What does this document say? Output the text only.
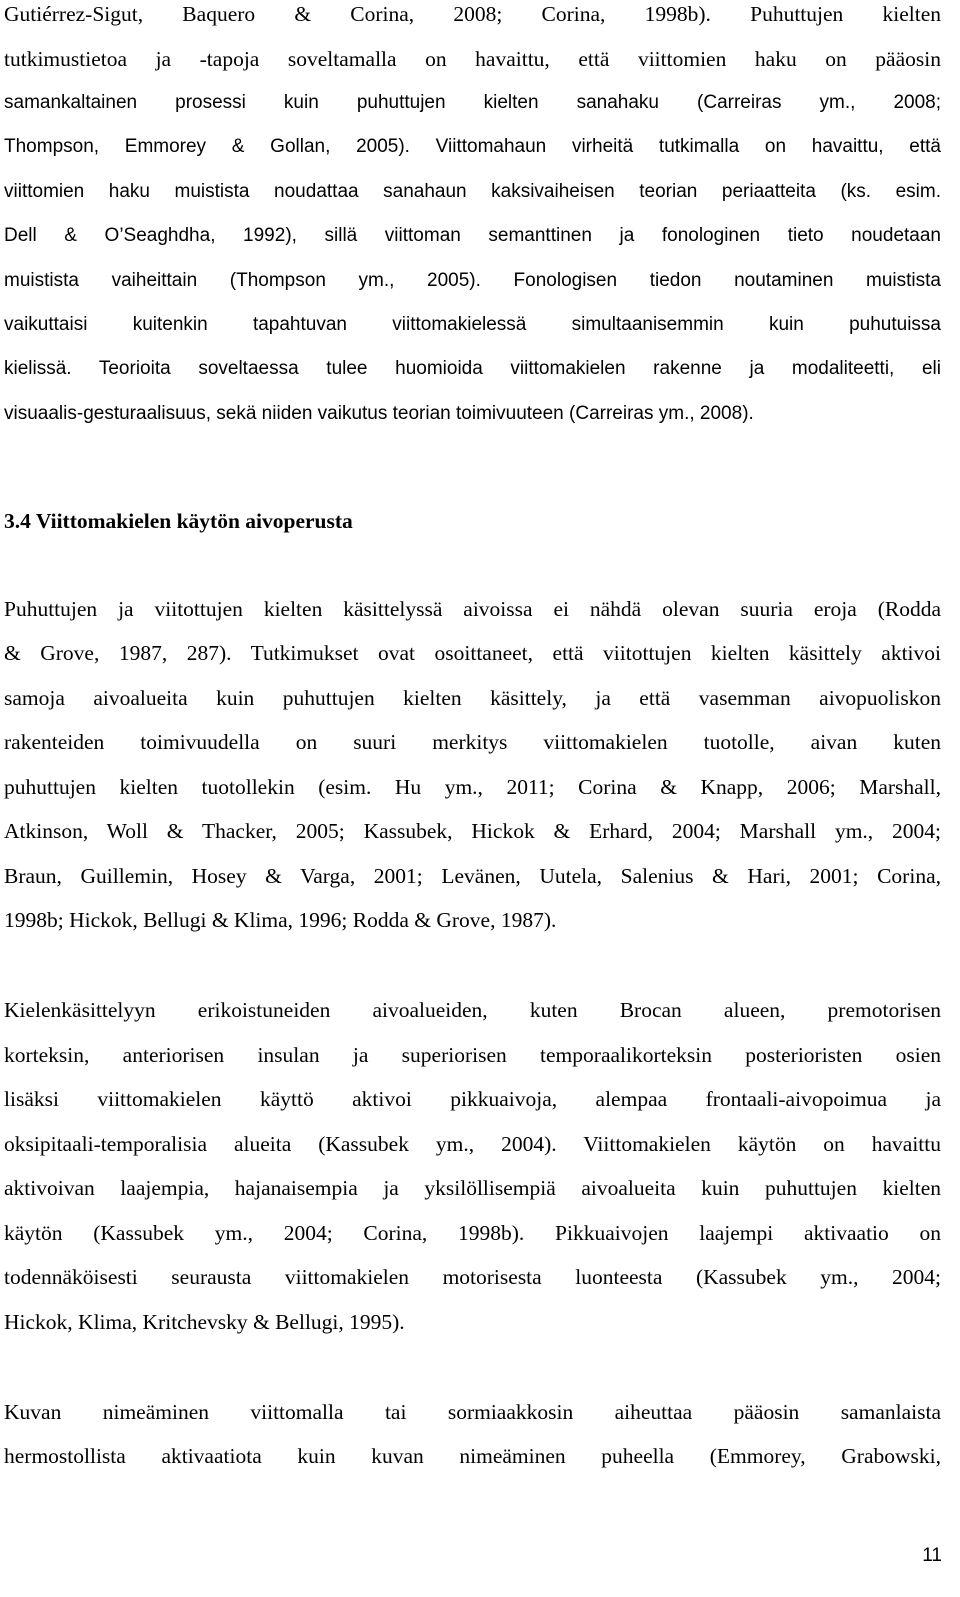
Gutiérrez-Sigut, Baquero & Corina, 2008; Corina, 1998b). Puhuttujen kielten

tutkimustietoa ja -tapoja soveltamalla on havaittu, että viittomien haku on pääosin

samankaltainen prosessi kuin puhuttujen kielten sanahaku (Carreiras ym., 2008;

Thompson, Emmorey & Gollan, 2005). Viittomahaun virheitä tutkimalla on havaittu, että

viittomien haku muistista noudattaa sanahaun kaksivaiheisen teorian periaatteita (ks. esim.

Dell & O’Seaghdha, 1992), sillä viittoman semanttinen ja fonologinen tieto noudetaan

muistista vaiheittain (Thompson ym., 2005). Fonologisen tiedon noutaminen muistista

vaikuttaisi kuitenkin tapahtuvan viittomakielessä simultaanisemmin kuin puhutuissa

kielissä. Teorioita soveltaessa tulee huomioida viittomakielen rakenne ja modaliteetti, eli

visuaalis-gesturaalisuus, sekä niiden vaikutus teorian toimivuuteen (Carreiras ym., 2008).

3.4 Viittomakielen käytön aivoperusta

Puhuttujen ja viitottujen kielten käsittelyssä aivoissa ei nähdä olevan suuria eroja (Rodda

& Grove, 1987, 287). Tutkimukset ovat osoittaneet, että viitottujen kielten käsittely aktivoi

samoja aivoalueita kuin puhuttujen kielten käsittely, ja että vasemman aivopuoliskon

rakenteiden toimivuudella on suuri merkitys viittomakielen tuotolle, aivan kuten

puhuttujen kielten tuotollekin (esim. Hu ym., 2011; Corina & Knapp, 2006; Marshall,

Atkinson, Woll & Thacker, 2005; Kassubek, Hickok & Erhard, 2004; Marshall ym., 2004;

Braun, Guillemin, Hosey & Varga, 2001; Levänen, Uutela, Salenius & Hari, 2001; Corina,

1998b; Hickok, Bellugi & Klima, 1996; Rodda & Grove, 1987).

Kielenkäsittelyyn erikoistuneiden aivoalueiden, kuten Brocan alueen, premotorisen

korteksin, anteriorisen insulan ja superiorisen temporaalikorteksin posterioristen osien

lisäksi viittomakielen käyttö aktivoi pikkuaivoja, alempaa frontaali-aivopoimua ja

oksipitaali-temporalisia alueita (Kassubek ym., 2004). Viittomakielen käytön on havaittu

aktivoivan laajempia, hajanaisempia ja yksilöllisempiä aivoalueita kuin puhuttujen kielten

käytön (Kassubek ym., 2004; Corina, 1998b). Pikkuaivojen laajempi aktivaatio on

todennäköisesti seurausta viittomakielen motorisesta luonteesta (Kassubek ym., 2004;

Hickok, Klima, Kritchevsky & Bellugi, 1995).

Kuvan nimeäminen viittomalla tai sormiaakkosin aiheuttaa pääosin samanlaista

hermostollista aktivaatiota kuin kuvan nimeäminen puheella (Emmorey, Grabowski,

11
